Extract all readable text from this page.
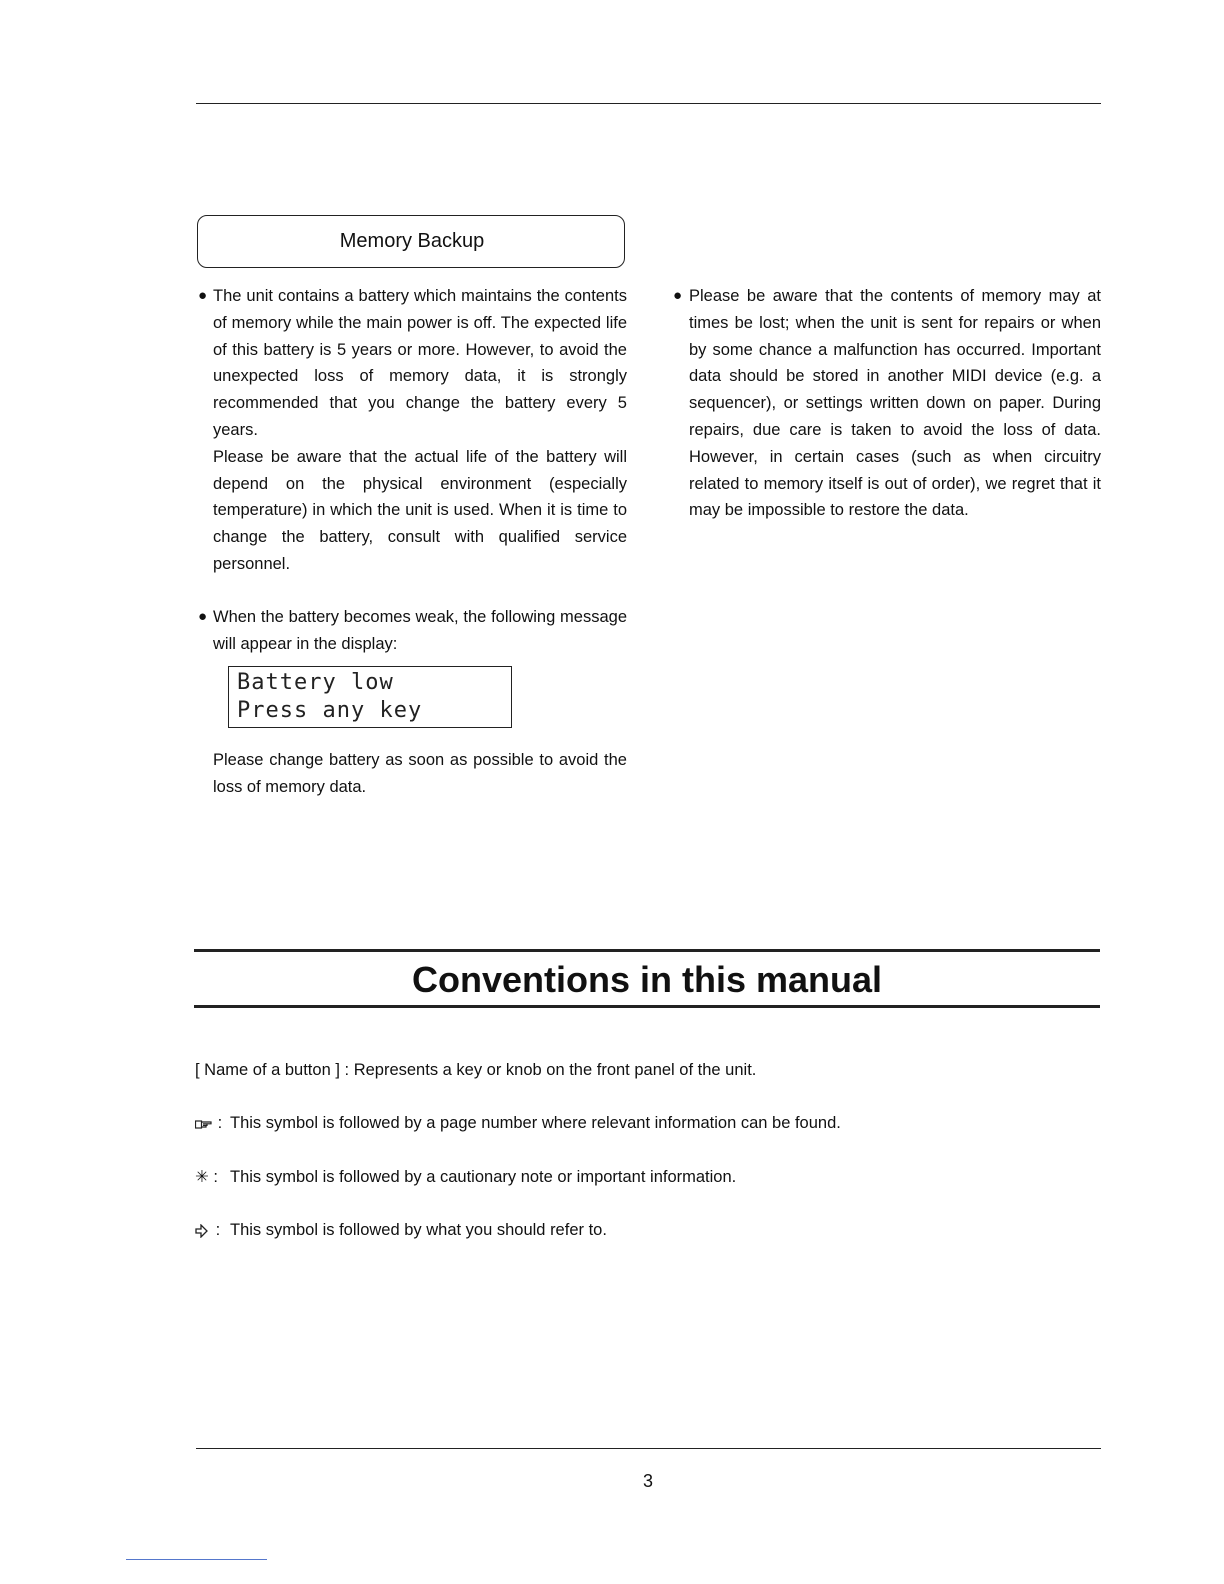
Memory Backup

● The unit contains a battery which maintains the contents of memory while the main power is off. The expected life of this battery is 5 years or more. However, to avoid the unexpected loss of memory data, it is strongly recommended that you change the battery every 5 years.

Please be aware that the actual life of the battery will depend on the physical environment (especially temperature) in which the unit is used. When it is time to change the battery, consult with qualified service personnel.

● When the battery becomes weak, the following message will appear in the display:

Battery low
Press any key
Please change battery as soon as possible to avoid the loss of memory data.

● Please be aware that the contents of memory may at times be lost; when the unit is sent for repairs or when by some chance a malfunction has occurred. Important data should be stored in another MIDI device (e.g. a sequencer), or settings written down on paper. During repairs, due care is taken to avoid the loss of data. However, in certain cases (such as when circuitry related to memory itself is out of order), we regret that it may be impossible to restore the data.

Conventions in this manual
[ Name of a button ] : Represents a key or knob on the front panel of the unit.
: This symbol is followed by a page number where relevant information can be found.
✳ : This symbol is followed by a cautionary note or important information.
: This symbol is followed by what you should refer to.
3
